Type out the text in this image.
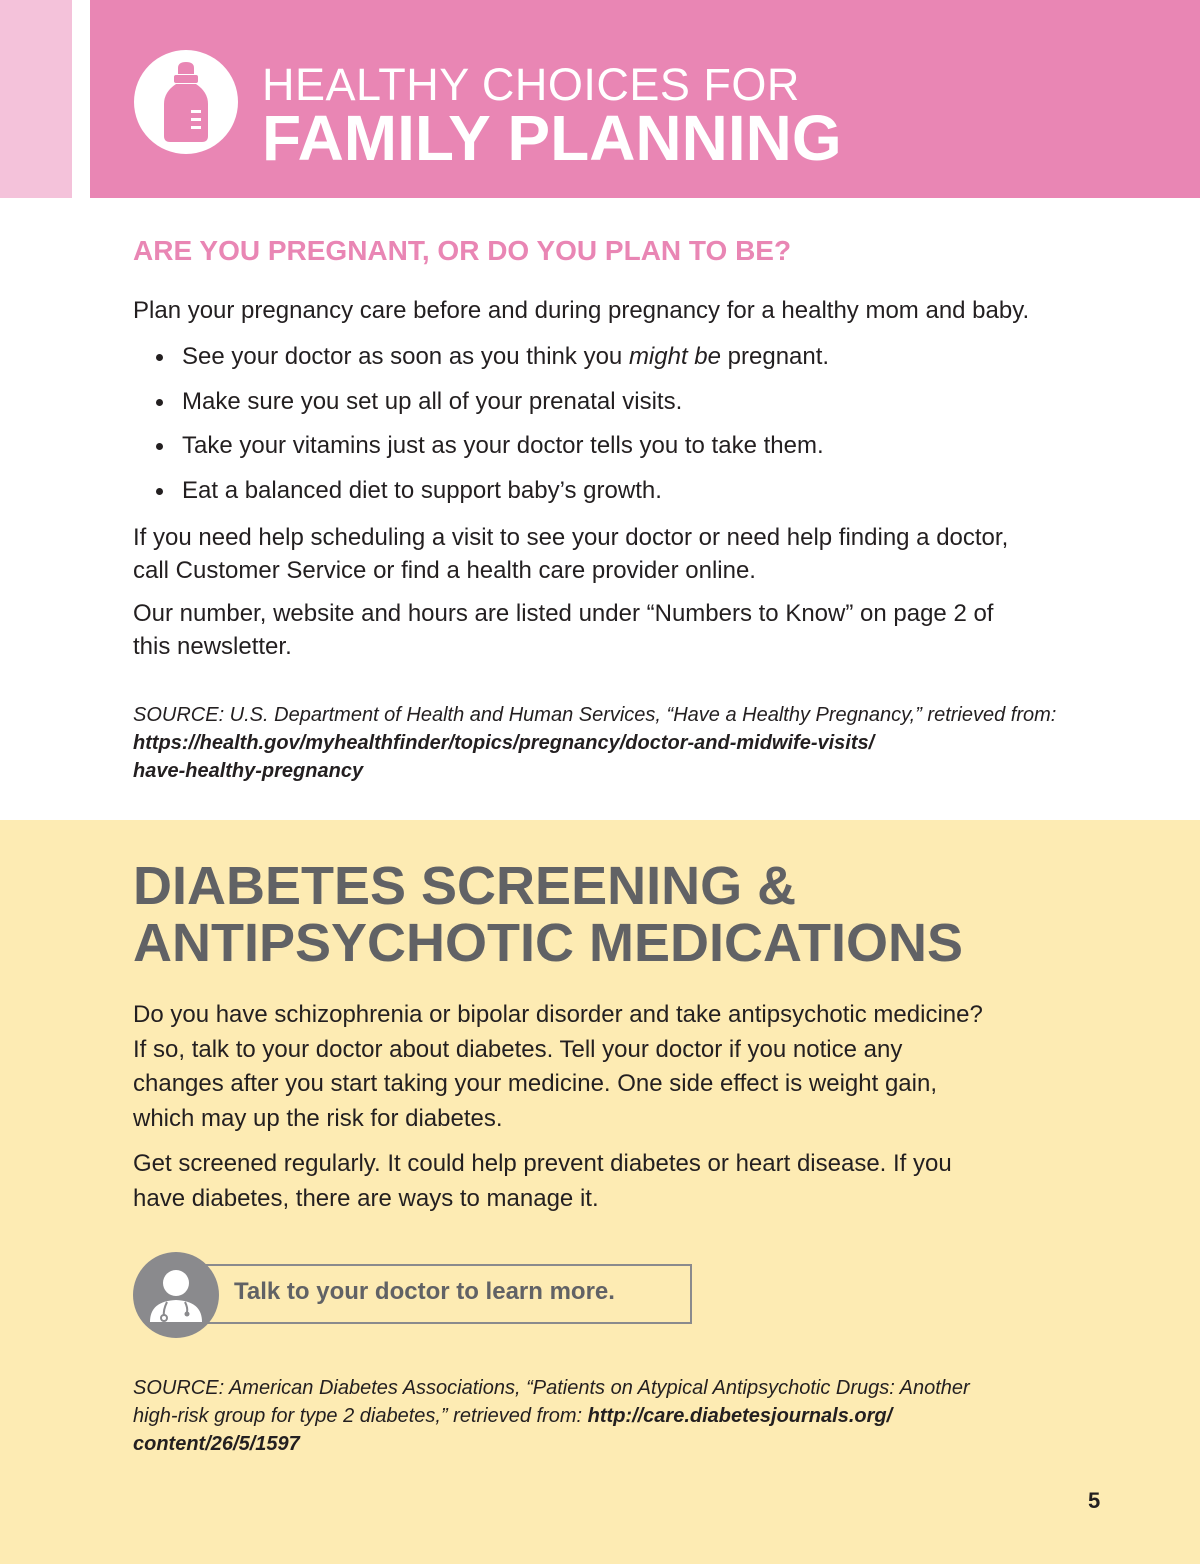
HEALTHY CHOICES FOR
FAMILY PLANNING
ARE YOU PREGNANT, OR DO YOU PLAN TO BE?

Plan your pregnancy care before and during pregnancy for a healthy mom and baby.

See your doctor as soon as you think you might be pregnant.
Make sure you set up all of your prenatal visits.
Take your vitamins just as your doctor tells you to take them.
Eat a balanced diet to support baby’s growth.

If you need help scheduling a visit to see your doctor or need help finding a doctor,
call Customer Service or find a health care provider online.

Our number, website and hours are listed under “Numbers to Know” on page 2 of
this newsletter.

SOURCE: U.S. Department of Health and Human Services, “Have a Healthy Pregnancy,” retrieved from: https://health.gov/myhealthfinder/topics/pregnancy/doctor-and-midwife-visits/
have-healthy-pregnancy

DIABETES SCREENING &
ANTIPSYCHOTIC MEDICATIONS

Do you have schizophrenia or bipolar disorder and take antipsychotic medicine?
If so, talk to your doctor about diabetes. Tell your doctor if you notice any
changes after you start taking your medicine. One side effect is weight gain,
which may up the risk for diabetes.

Get screened regularly. It could help prevent diabetes or heart disease. If you
have diabetes, there are ways to manage it.

Talk to your doctor to learn more.

SOURCE: American Diabetes Associations, “Patients on Atypical Antipsychotic Drugs: Another
high-risk group for type 2 diabetes,” retrieved from: http://care.diabetesjournals.org/
content/26/5/1597

5
